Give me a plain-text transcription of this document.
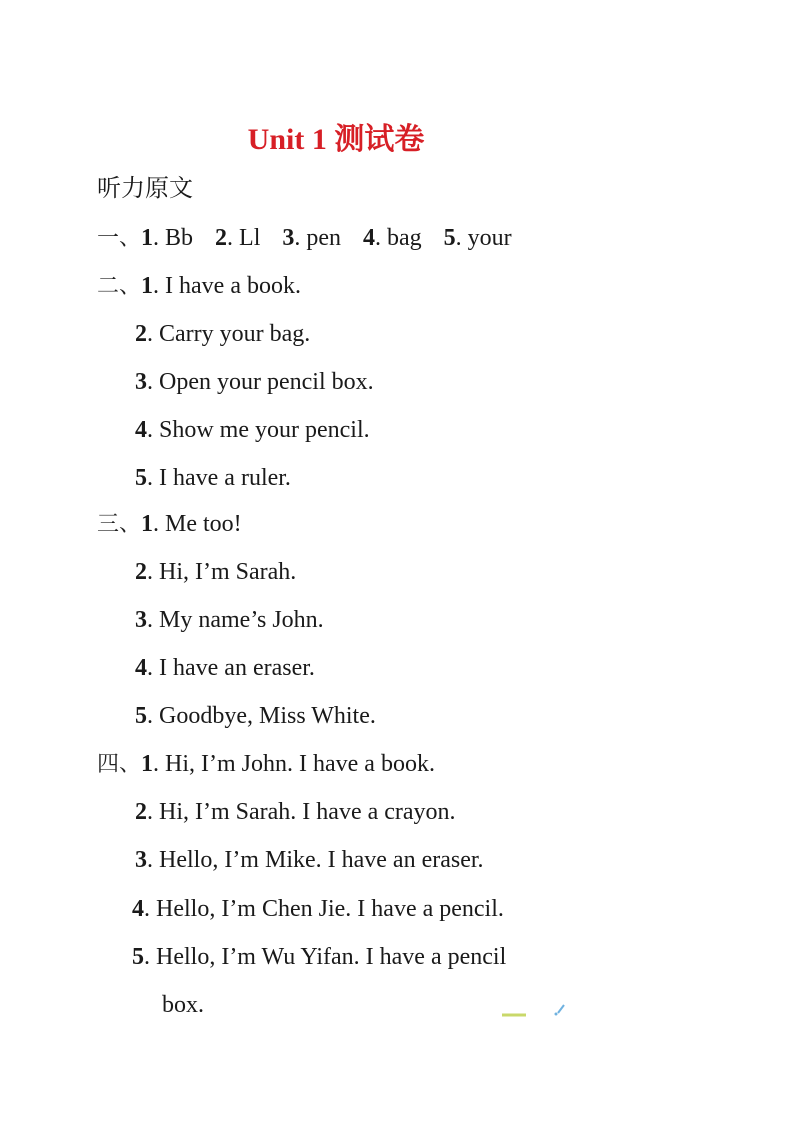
Unit 1 测试卷
听力原文
一、1. Bb 2. Ll 3. pen 4. bag 5. your
二、1. I have a book.
2. Carry your bag.
3. Open your pencil box.
4. Show me your pencil.
5. I have a ruler.
三、1. Me too!
2. Hi, I’m Sarah.
3. My name’s John.
4. I have an eraser.
5. Goodbye, Miss White.
四、1. Hi, I’m John. I have a book.
2. Hi, I’m Sarah. I have a crayon.
3. Hello, I’m Mike. I have an eraser.
4. Hello, I’m Chen Jie. I have a pencil.
5. Hello, I’m Wu Yifan. I have a pencil
box.
